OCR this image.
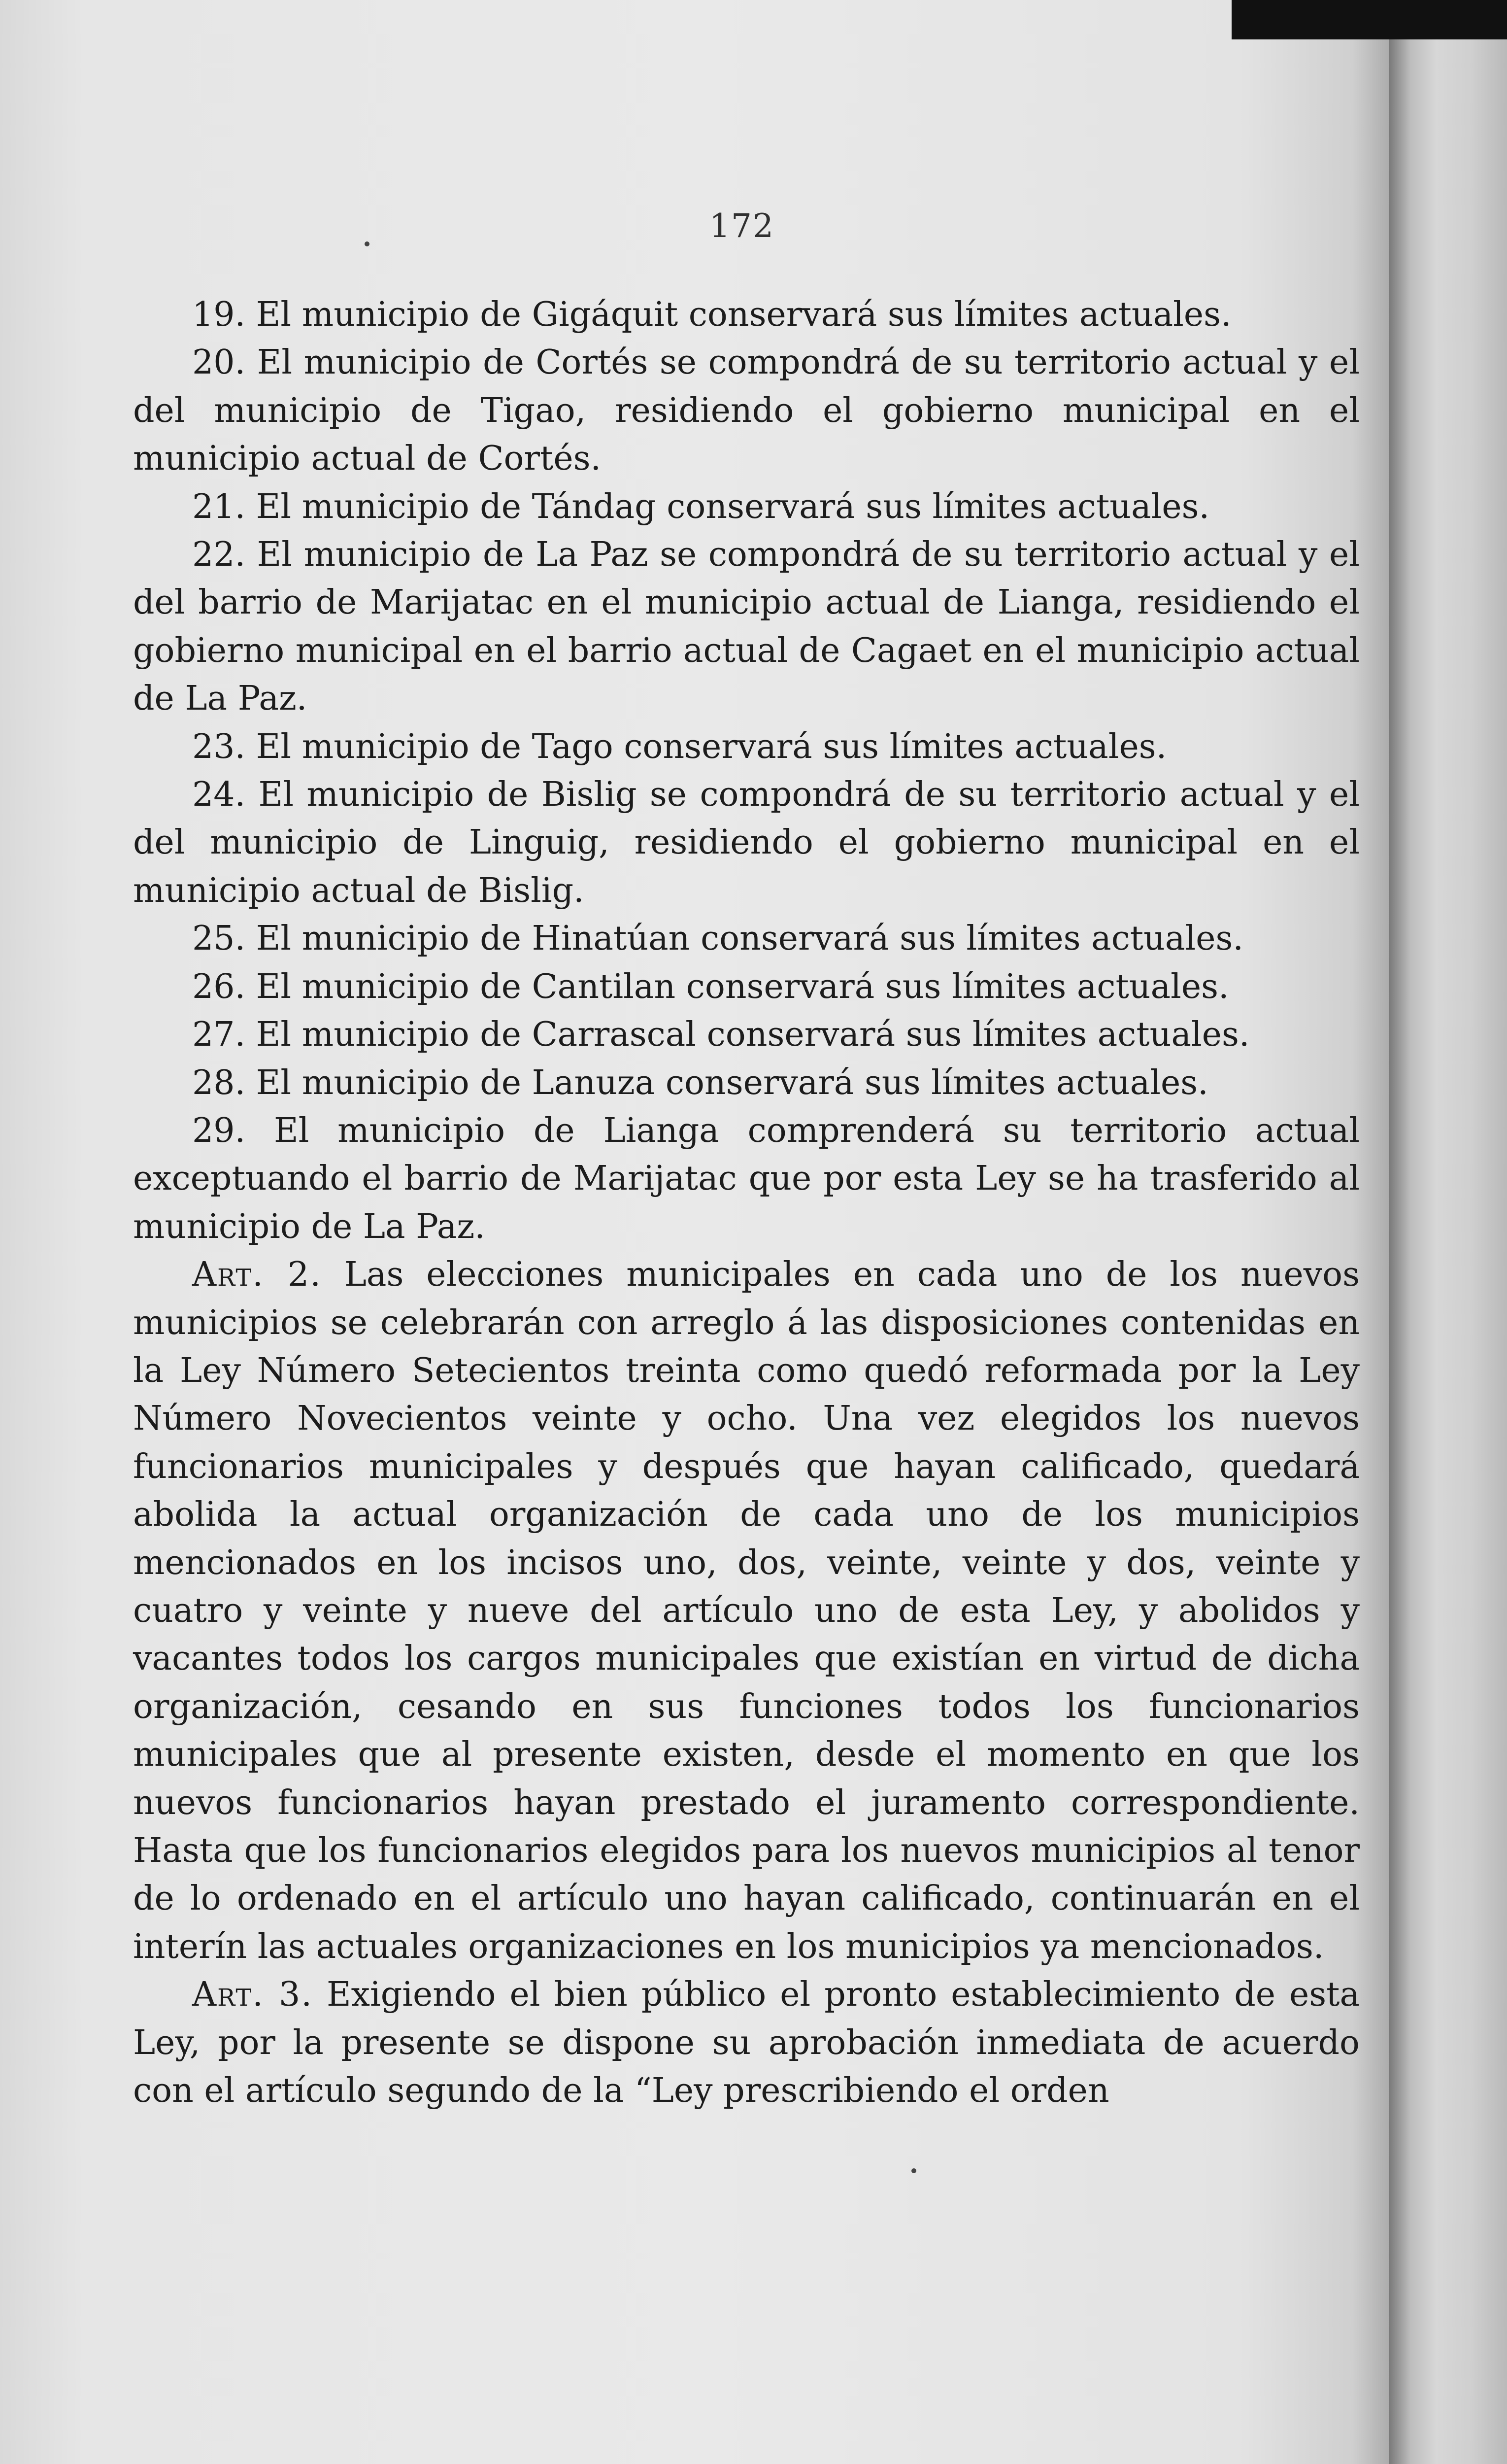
172

19. El municipio de Gigáquit conservará sus límites actuales.

20. El municipio de Cortés se compondrá de su territorio actual y el del municipio de Tigao, residiendo el gobierno municipal en el municipio actual de Cortés.

21. El municipio de Tándag conservará sus límites actuales.

22. El municipio de La Paz se compondrá de su territorio actual y el del barrio de Marijatac en el municipio actual de Lianga, residiendo el gobierno municipal en el barrio actual de Cagaet en el municipio actual de La Paz.

23. El municipio de Tago conservará sus límites actuales.

24. El municipio de Bislig se compondrá de su territorio actual y el del municipio de Linguig, residiendo el gobierno municipal en el municipio actual de Bislig.

25. El municipio de Hinatúan conservará sus límites actuales.

26. El municipio de Cantilan conservará sus límites actuales.

27. El municipio de Carrascal conservará sus límites actuales.

28. El municipio de Lanuza conservará sus límites actuales.

29. El municipio de Lianga comprenderá su territorio actual exceptuando el barrio de Marijatac que por esta Ley se ha trasferido al municipio de La Paz.

Art. 2. Las elecciones municipales en cada uno de los nuevos municipios se celebrarán con arreglo á las disposiciones contenidas en la Ley Número Setecientos treinta como quedó reformada por la Ley Número Novecientos veinte y ocho. Una vez elegidos los nuevos funcionarios municipales y después que hayan calificado, quedará abolida la actual organización de cada uno de los municipios mencionados en los incisos uno, dos, veinte, veinte y dos, veinte y cuatro y veinte y nueve del artículo uno de esta Ley, y abolidos y vacantes todos los cargos municipales que existían en virtud de dicha organización, cesando en sus funciones todos los funcionarios municipales que al presente existen, desde el momento en que los nuevos funcionarios hayan prestado el juramento correspondiente. Hasta que los funcionarios elegidos para los nuevos municipios al tenor de lo ordenado en el artículo uno hayan calificado, continuarán en el interín las actuales organizaciones en los municipios ya mencionados.

Art. 3. Exigiendo el bien público el pronto establecimiento de esta Ley, por la presente se dispone su aprobación inmediata de acuerdo con el artículo segundo de la “Ley prescribiendo el orden
